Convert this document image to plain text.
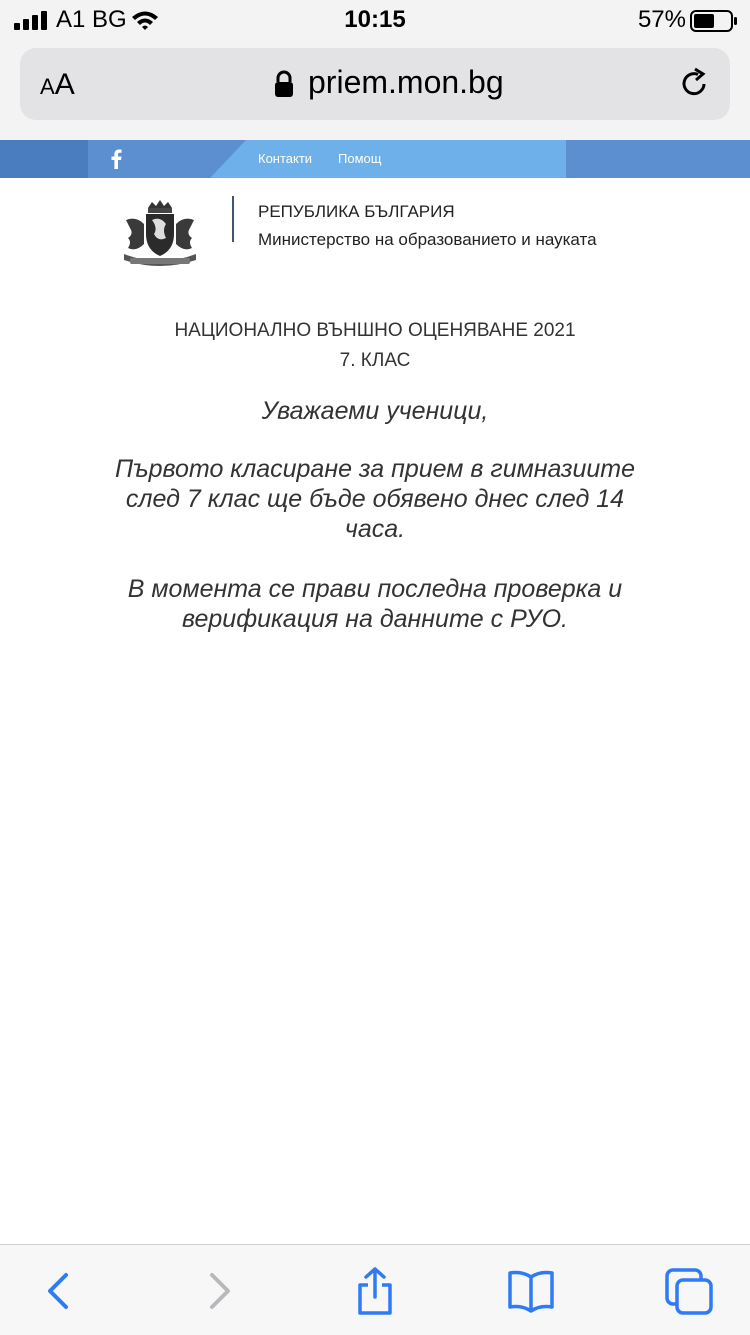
A1 BG	10:15	57%
AA	priem.mon.bg
Контакти Помощ
РЕПУБЛИКА БЪЛГАРИЯ
Министерство на образованието и науката
НАЦИОНАЛНО ВЪНШНО ОЦЕНЯВАНЕ 2021
7. КЛАС
Уважаеми ученици,
Първото класиране за прием в гимназиите
след 7 клас ще бъде обявено днес след 14
часа.
В момента се прави последна проверка и
верификация на данните с РУО.
